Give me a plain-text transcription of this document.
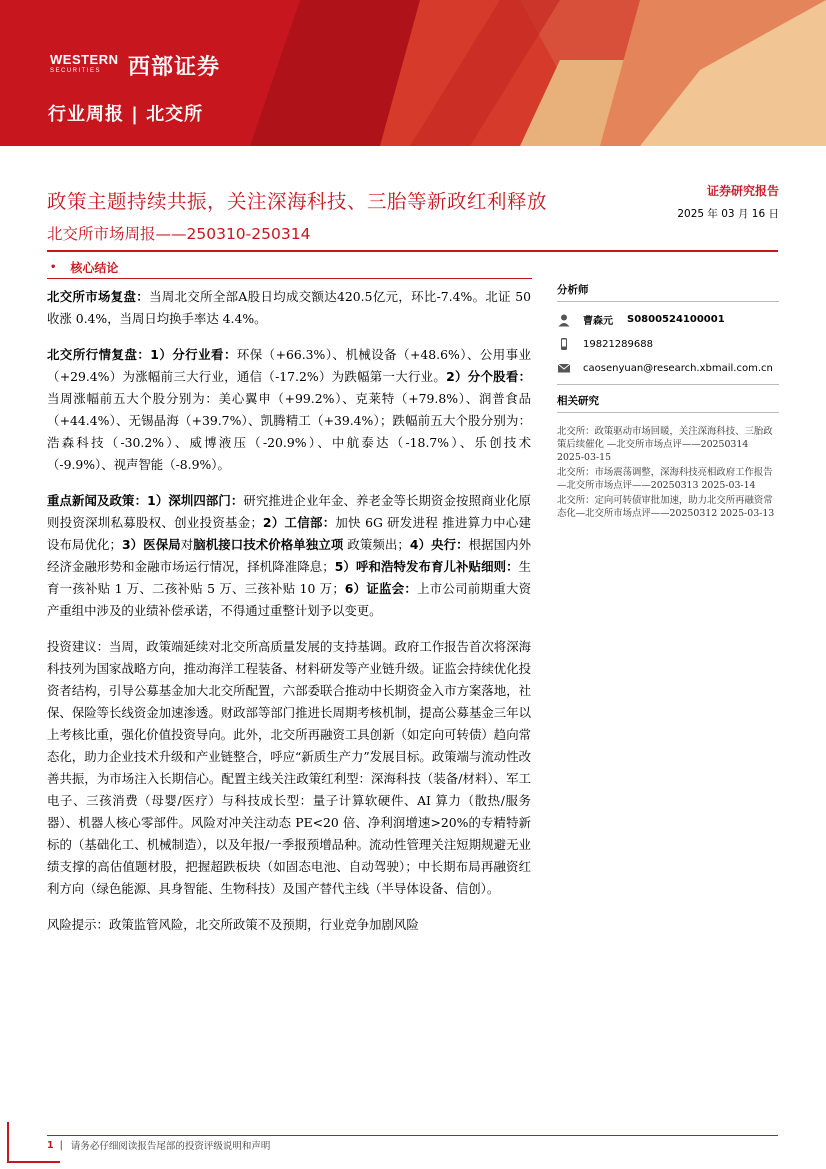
WESTERN
SECURITIES	西部证券
行业周报 | 北交所
政策主题持续共振，关注深海科技、三胎等新政红利释放	证券研究报告
2025 年 03 月 16 日
北交所市场周报——250310-250314
• 核心结论

北交所市场复盘：当周北交所全部A股日均成交额达420.5亿元，环比-7.4%。北证 50 收涨 0.4%，当周日均换手率达 4.4%。

北交所行情复盘：1）分行业看：环保（+66.3%）、机械设备（+48.6%）、公用事业（+29.4%）为涨幅前三大行业，通信（-17.2%）为跌幅第一大行业。2）分个股看：当周涨幅前五大个股分别为：美心翼申（+99.2%）、克莱特（+79.8%）、润普食品（+44.4%）、无锡晶海（+39.7%）、凯腾精工（+39.4%）；跌幅前五大个股分别为：浩森科技（-30.2%）、威博液压（-20.9%）、中航泰达（-18.7%）、乐创技术（-9.9%）、视声智能（-8.9%）。

重点新闻及政策：1）深圳四部门：研究推进企业年金、养老金等长期资金按照商业化原则投资深圳私募股权、创业投资基金；2）工信部：加快 6G 研发进程 推进算力中心建设布局优化；3）医保局对脑机接口技术价格单独立项 政策频出；4）央行：根据国内外经济金融形势和金融市场运行情况，择机降准降息；5）呼和浩特发布育儿补贴细则：生育一孩补贴 1 万、二孩补贴 5 万、三孩补贴 10 万；6）证监会：上市公司前期重大资产重组中涉及的业绩补偿承诺，不得通过重整计划予以变更。

投资建议：当周，政策端延续对北交所高质量发展的支持基调。政府工作报告首次将深海科技列为国家战略方向，推动海洋工程装备、材料研发等产业链升级。证监会持续优化投资者结构，引导公募基金加大北交所配置，六部委联合推动中长期资金入市方案落地，社保、保险等长线资金加速渗透。财政部等部门推进长周期考核机制，提高公募基金三年以上考核比重，强化价值投资导向。此外，北交所再融资工具创新（如定向可转债）趋向常态化，助力企业技术升级和产业链整合，呼应“新质生产力”发展目标。政策端与流动性改善共振，为市场注入长期信心。配置主线关注政策红利型：深海科技（装备/材料）、军工电子、三孩消费（母婴/医疗）与科技成长型：量子计算软硬件、AI 算力（散热/服务器）、机器人核心零部件。风险对冲关注动态 PE<20 倍、净利润增速>20%的专精特新标的（基础化工、机械制造），以及年报/一季报预增品种。流动性管理关注短期规避无业绩支撑的高估值题材股，把握超跌板块（如固态电池、自动驾驶）；中长期布局再融资红利方向（绿色能源、具身智能、生物科技）及国产替代主线（半导体设备、信创）。

风险提示：政策监管风险，北交所政策不及预期，行业竞争加剧风险

分析师
曹森元 S0800524100001
19821289688
caosenyuan@research.xbmail.com.cn
相关研究
北交所：政策驱动市场回暖，关注深海科技、三胎政策后续催化 —北交所市场点评——20250314　2025-03-15
北交所：市场震荡调整，深海科技亮相政府工作报告 —北交所市场点评——20250313 2025-03-14
北交所：定向可转债审批加速，助力北交所再融资常态化—北交所市场点评——20250312 2025-03-13
1 | 请务必仔细阅读报告尾部的投资评级说明和声明
